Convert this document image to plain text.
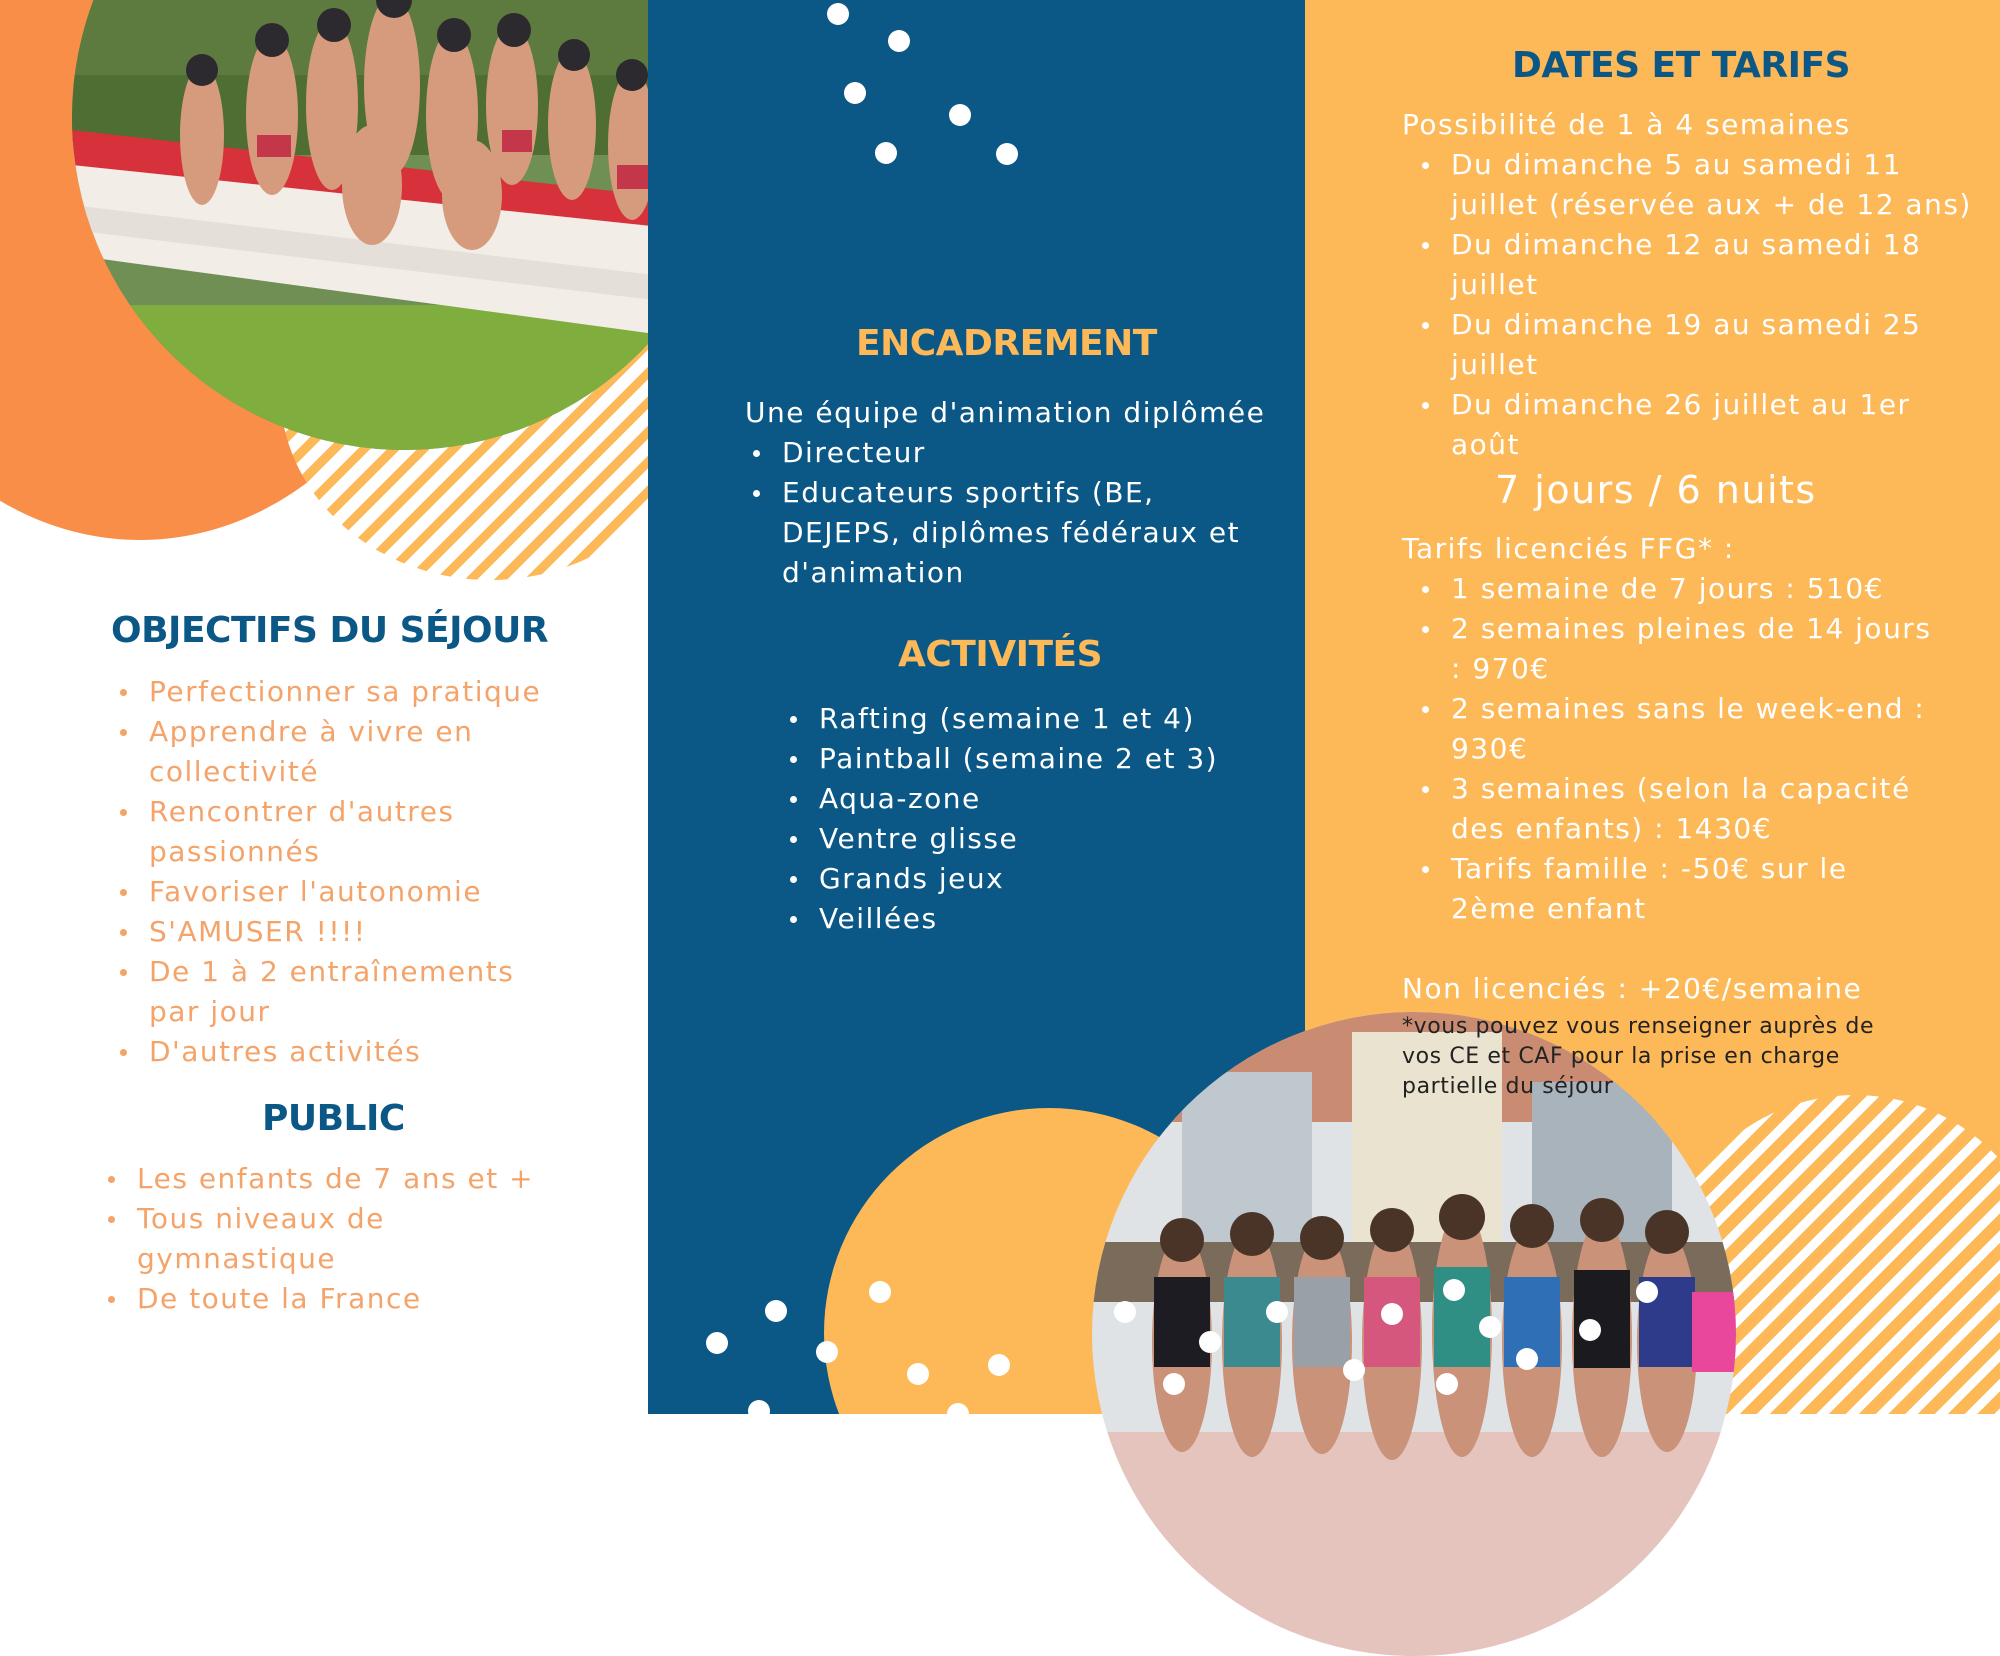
OBJECTIFS DU SÉJOUR
Perfectionner sa pratique
Apprendre à vivre en
collectivité
Rencontrer d'autres
passionnés
Favoriser l'autonomie
S'AMUSER !!!!
De 1 à 2 entraînements
par jour
D'autres activités
PUBLIC
Les enfants de 7 ans et +
Tous niveaux de
gymnastique
De toute la France
ENCADREMENT

Une équipe d'animation diplômée

Directeur
Educateurs sportifs (BE,
DEJEPS, diplômes fédéraux et
d'animation
ACTIVITÉS
Rafting (semaine 1 et 4)
Paintball (semaine 2 et 3)
Aqua-zone
Ventre glisse
Grands jeux
Veillées
DATES ET TARIFS

Possibilité de 1 à 4 semaines

Du dimanche 5 au samedi 11
juillet (réservée aux + de 12 ans)
Du dimanche 12 au samedi 18
juillet
Du dimanche 19 au samedi 25
juillet
Du dimanche 26 juillet au 1er
août

7 jours / 6 nuits

Tarifs licenciés FFG* :

1 semaine de 7 jours : 510€
2 semaines pleines de 14 jours
: 970€
2 semaines sans le week-end :
930€
3 semaines (selon la capacité
des enfants) : 1430€
Tarifs famille : -50€ sur le
2ème enfant

Non licenciés : +20€/semaine

*vous pouvez vous renseigner auprès de
vos CE et CAF pour la prise en charge
partielle du séjour
